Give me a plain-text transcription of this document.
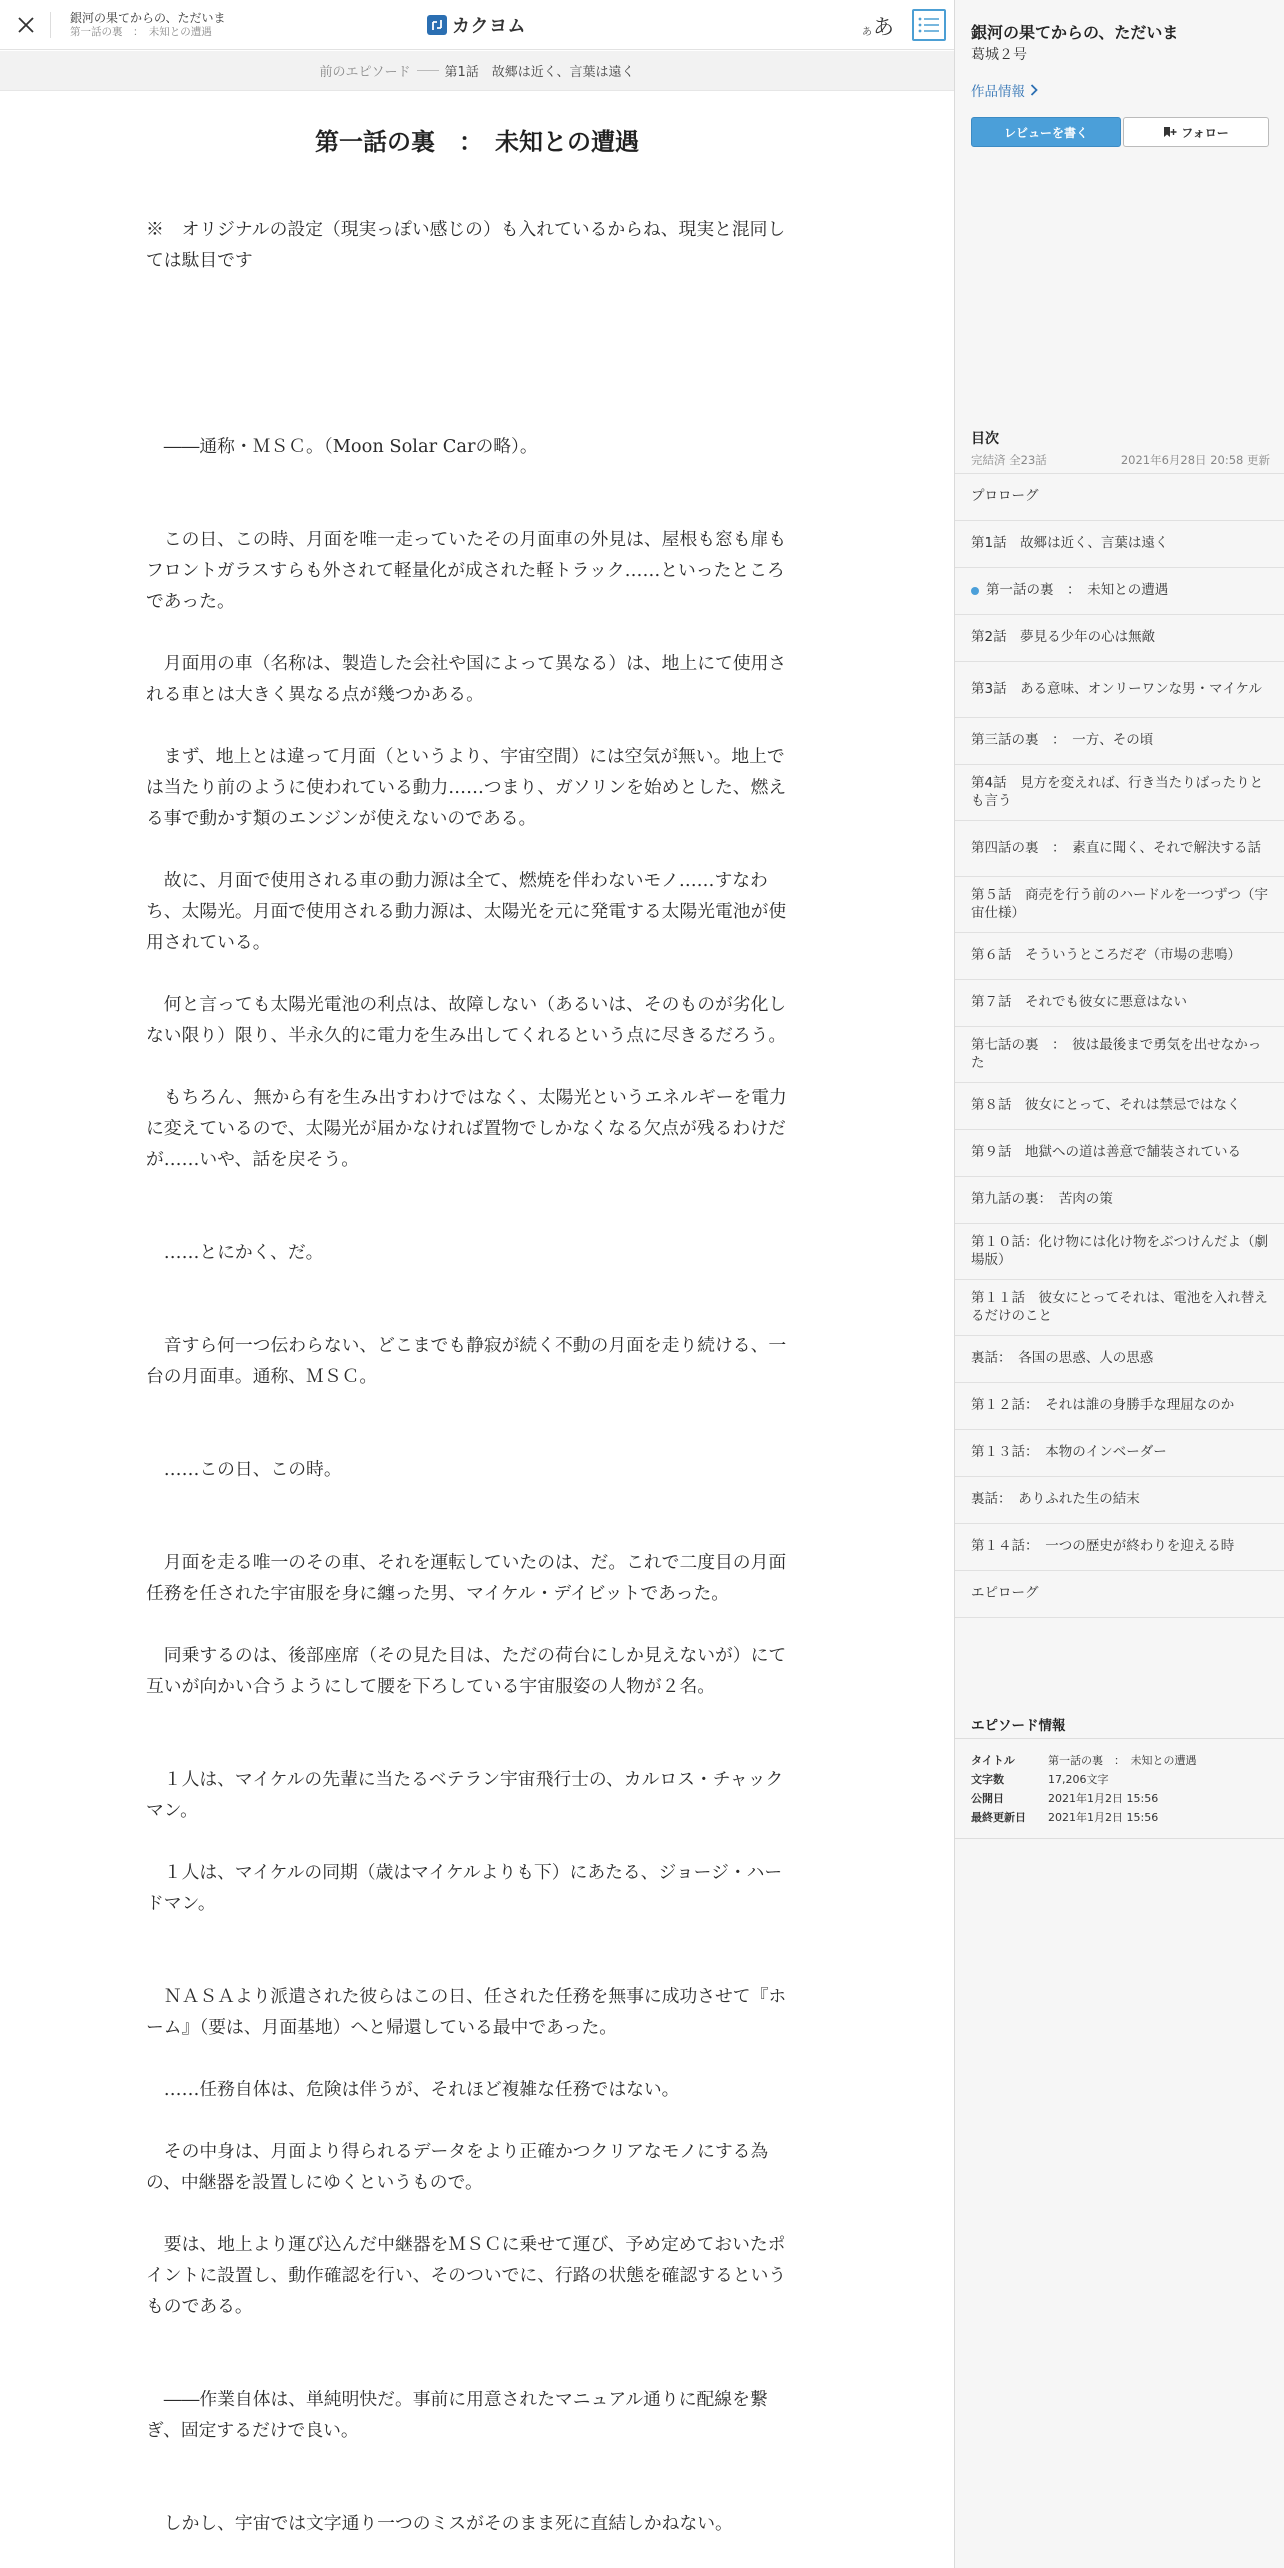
銀河の果てからの、ただいま
第一話の裏　：　未知との遭遇	カクヨム	あ あ
前のエピソード	第1話　故郷は近く、言葉は遠く
第一話の裏　：　未知との遭遇

※　オリジナルの設定（現実っぽい感じの）も入れているからね、現実と混同しては駄目です

　――通称・ＭＳＣ。（Moon Solar Carの略）。

　この日、この時、月面を唯一走っていたその月面車の外見は、屋根も窓も扉もフロントガラスすらも外されて軽量化が成された軽トラック……といったところであった。

　月面用の車（名称は、製造した会社や国によって異なる）は、地上にて使用される車とは大きく異なる点が幾つかある。

　まず、地上とは違って月面（というより、宇宙空間）には空気が無い。地上では当たり前のように使われている動力……つまり、ガソリンを始めとした、燃える事で動かす類のエンジンが使えないのである。

　故に、月面で使用される車の動力源は全て、燃焼を伴わないモノ……すなわち、太陽光。月面で使用される動力源は、太陽光を元に発電する太陽光電池が使用されている。

　何と言っても太陽光電池の利点は、故障しない（あるいは、そのものが劣化しない限り）限り、半永久的に電力を生み出してくれるという点に尽きるだろう。

　もちろん、無から有を生み出すわけではなく、太陽光というエネルギーを電力に変えているので、太陽光が届かなければ置物でしかなくなる欠点が残るわけだが……いや、話を戻そう。

　……とにかく、だ。

　音すら何一つ伝わらない、どこまでも静寂が続く不動の月面を走り続ける、一台の月面車。通称、ＭＳＣ。

　……この日、この時。

　月面を走る唯一のその車、それを運転していたのは、だ。これで二度目の月面任務を任された宇宙服を身に纏った男、マイケル・デイビットであった。

　同乗するのは、後部座席（その見た目は、ただの荷台にしか見えないが）にて互いが向かい合うようにして腰を下ろしている宇宙服姿の人物が２名。

　１人は、マイケルの先輩に当たるベテラン宇宙飛行士の、カルロス・チャックマン。

　１人は、マイケルの同期（歳はマイケルよりも下）にあたる、ジョージ・ハードマン。

　ＮＡＳＡより派遣された彼らはこの日、任された任務を無事に成功させて『ホーム』（要は、月面基地）へと帰還している最中であった。

　……任務自体は、危険は伴うが、それほど複雑な任務ではない。

　その中身は、月面より得られるデータをより正確かつクリアなモノにする為の、中継器を設置しにゆくというもので。

　要は、地上より運び込んだ中継器をＭＳＣに乗せて運び、予め定めておいたポイントに設置し、動作確認を行い、そのついでに、行路の状態を確認するというものである。

　――作業自体は、単純明快だ。事前に用意されたマニュアル通りに配線を繋ぎ、固定するだけで良い。

　しかし、宇宙では文字通り一つのミスがそのまま死に直結しかねない。

銀河の果てからの、ただいま
葛城２号
作品情報
レビューを書く	フォロー
目次
完結済 全23話	2021年6月28日 20:58 更新
プロローグ
第1話　故郷は近く、言葉は遠く
第一話の裏　：　未知との遭遇
第2話　夢見る少年の心は無敵
第3話　ある意味、オンリーワンな男・マイケル
第三話の裏　：　一方、その頃
第4話　見方を変えれば、行き当たりばったりとも言う
第四話の裏　：　素直に聞く、それで解決する話
第５話　商売を行う前のハードルを一つずつ（宇宙仕様）
第６話　そういうところだぞ（市場の悲鳴）
第７話　それでも彼女に悪意はない
第七話の裏　：　彼は最後まで勇気を出せなかった
第８話　彼女にとって、それは禁忌ではなく
第９話　地獄への道は善意で舗装されている
第九話の裏：　苦肉の策
第１０話：化け物には化け物をぶつけんだよ（劇場版）
第１１話　彼女にとってそれは、電池を入れ替えるだけのこと
裏話：　各国の思惑、人の思惑
第１２話：　それは誰の身勝手な理屈なのか
第１３話：　本物のインベーダー
裏話：　ありふれた生の結末
第１４話：　一つの歴史が終わりを迎える時
エピローグ
エピソード情報
タイトル	第一話の裏　：　未知との遭遇
文字数	17,206文字
公開日	2021年1月2日 15:56
最終更新日	2021年1月2日 15:56
